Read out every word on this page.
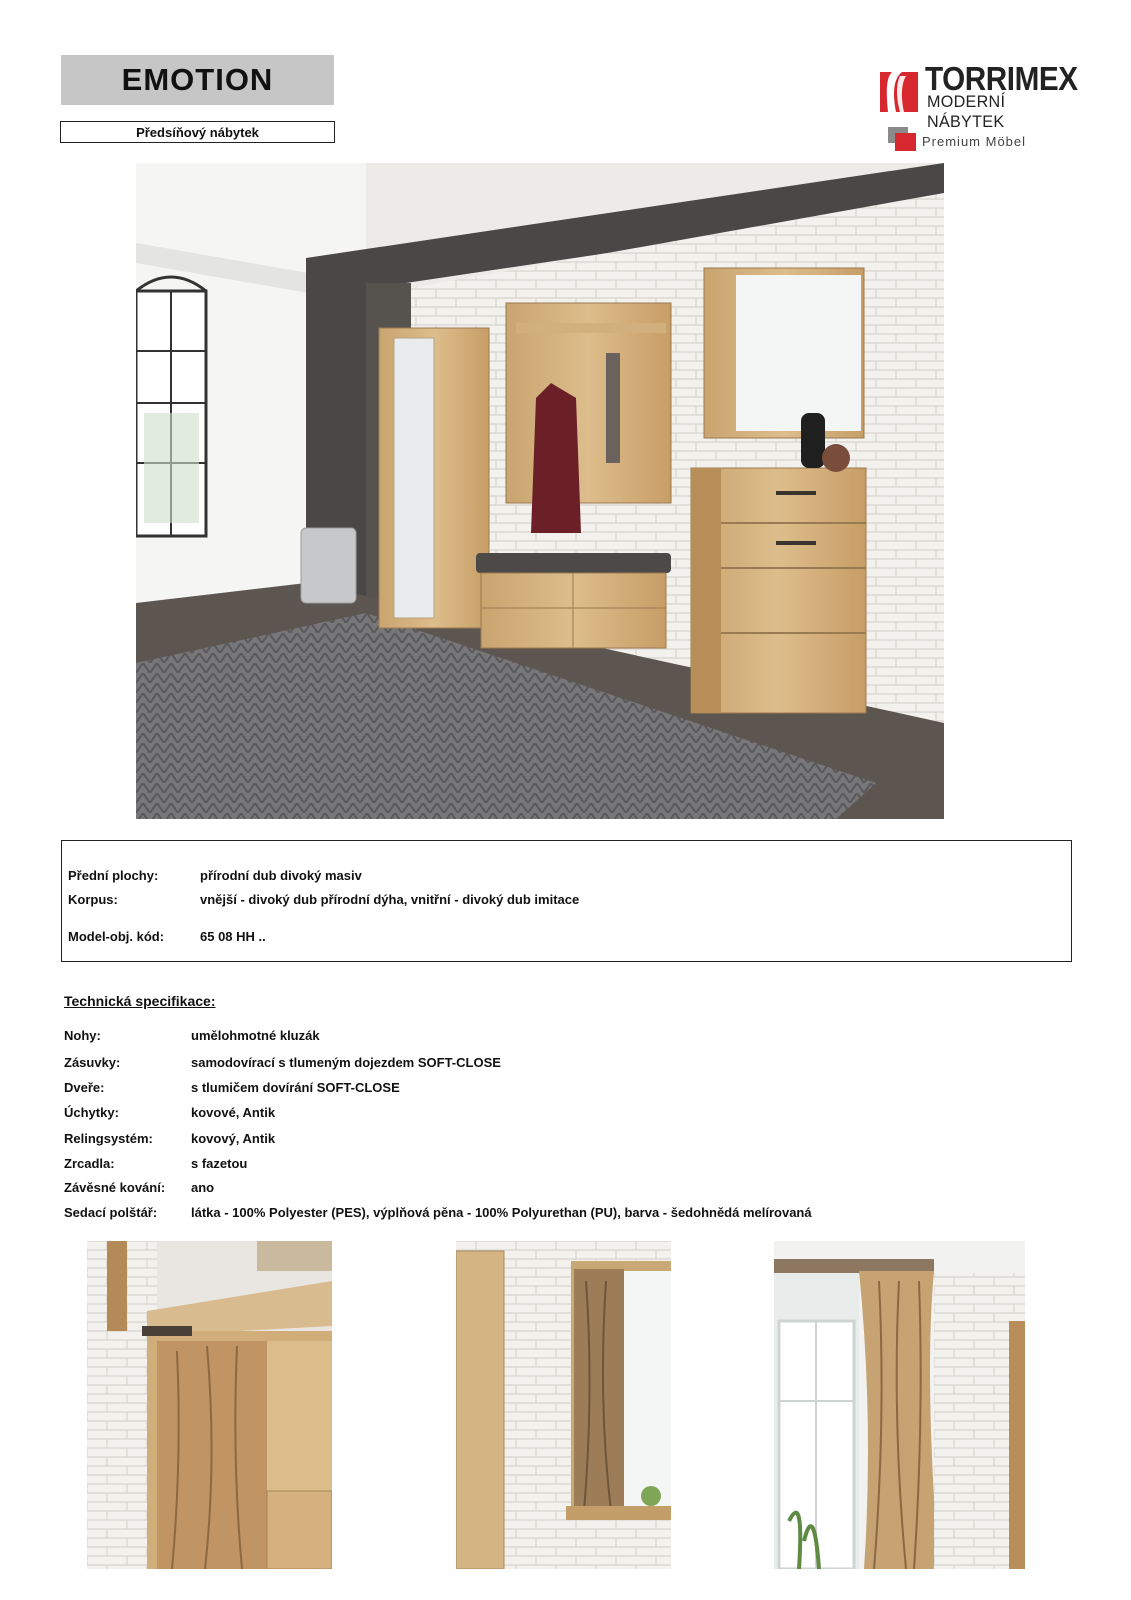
EMOTION
Předsíňový nábytek
TORRIMEX
MODERNÍ NÁBYTEK
Premium Möbel
Přední plochy:	přírodní dub divoký masiv
Korpus:	vnější - divoký dub přírodní dýha, vnitřní - divoký dub imitace
Model-obj. kód:	65 08 HH ..
Technická specifikace:
Nohy:	umělohmotné kluzák
Zásuvky:	samodovírací s tlumeným dojezdem SOFT-CLOSE
Dveře:	s tlumičem dovírání SOFT-CLOSE
Úchytky:	kovové, Antik
Relingsystém:	kovový, Antik
Zrcadla:	s fazetou
Závěsné kování: ano
Sedací polštář:	látka - 100% Polyester (PES), výplňová pěna - 100% Polyurethan (PU), barva - šedohnědá melírovaná
